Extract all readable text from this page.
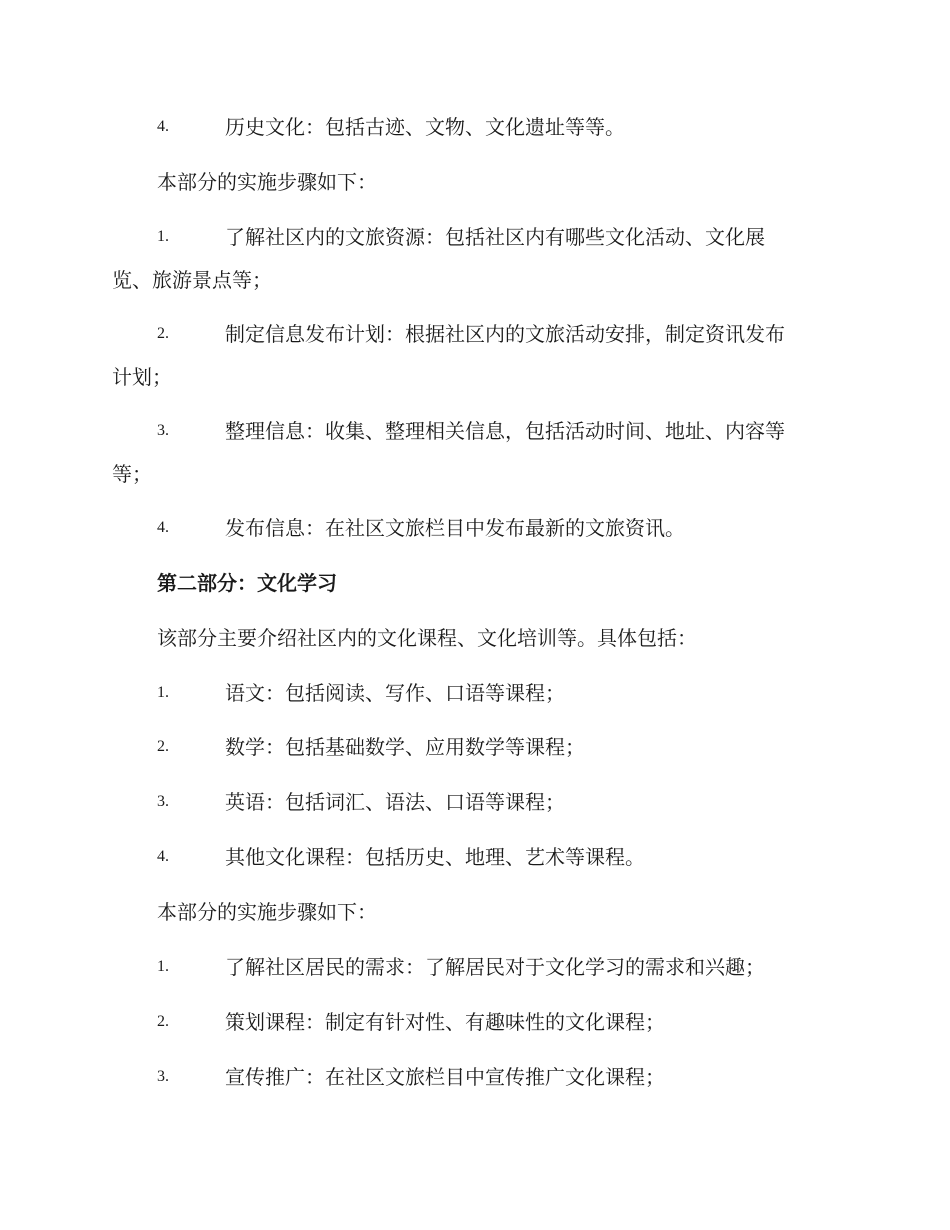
4.	历史文化：包括古迹、文物、文化遗址等等。
本部分的实施步骤如下：
1.	了解社区内的文旅资源：包括社区内有哪些文化活动、文化展
览、旅游景点等；
2.	制定信息发布计划：根据社区内的文旅活动安排，制定资讯发布
计划；
3.	整理信息：收集、整理相关信息，包括活动时间、地址、内容等
等；
4.	发布信息：在社区文旅栏目中发布最新的文旅资讯。
第二部分：文化学习
该部分主要介绍社区内的文化课程、文化培训等。具体包括：
1.	语文：包括阅读、写作、口语等课程；
2.	数学：包括基础数学、应用数学等课程；
3.	英语：包括词汇、语法、口语等课程；
4.	其他文化课程：包括历史、地理、艺术等课程。
本部分的实施步骤如下：
1.	了解社区居民的需求：了解居民对于文化学习的需求和兴趣；
2.	策划课程：制定有针对性、有趣味性的文化课程；
3.	宣传推广：在社区文旅栏目中宣传推广文化课程；
